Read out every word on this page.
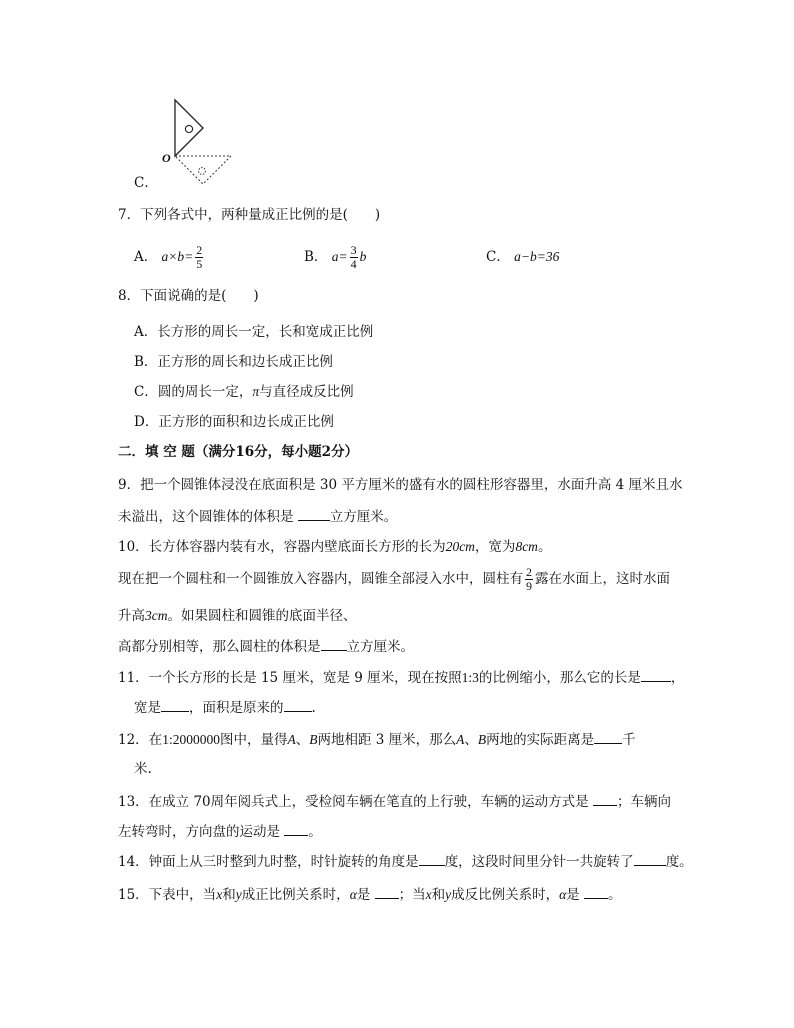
O
C．
7．下列各式中，两种量成正比例的是(　　)
A． $a\times b= \frac{2}{5}$	B． $a= \frac{3}{4}$ b	C． a−b=36
8．下面说确的是(　　)
A．长方形的周长一定，长和宽成正比例
B．正方形的周长和边长成正比例
C．圆的周长一定，π与直径成反比例
D．正方形的面积和边长成正比例
二．填 空 题（满分16分，每小题2分）
9．把一个圆锥体浸没在底面积是 30 平方厘米的盛有水的圆柱形容器里，水面升高 4 厘米且水
未溢出，这个圆锥体的体积是 立方厘米。
10．长方体容器内装有水，容器内壁底面长方形的长为20cm，宽为8cm。
现在把一个圆柱和一个圆锥放入容器内，圆锥全部浸入水中，圆柱有 $\frac{2}{9}$ 露在水面上，这时水面
升高3cm。如果圆柱和圆锥的底面半径、
高都分别相等，那么圆柱的体积是 立方厘米。
11．一个长方形的长是 15 厘米，宽是 9 厘米，现在按照1:3的比例缩小，那么它的长是 ，
宽是 ，面积是原来的 .
12．在1:2000000图中，量得A、B两地相距 3 厘米，那么A、B两地的实际距离是 千
米.
13．在成立 70周年阅兵式上，受检阅车辆在笔直的上行驶，车辆的运动方式是 ；车辆向
左转弯时，方向盘的运动是 。
14．钟面上从三时整到九时整，时针旋转的角度是 度，这段时间里分针一共旋转了 度。
15．下表中，当x和y成正比例关系时，α是 ；当x和y成反比例关系时，α是 。
